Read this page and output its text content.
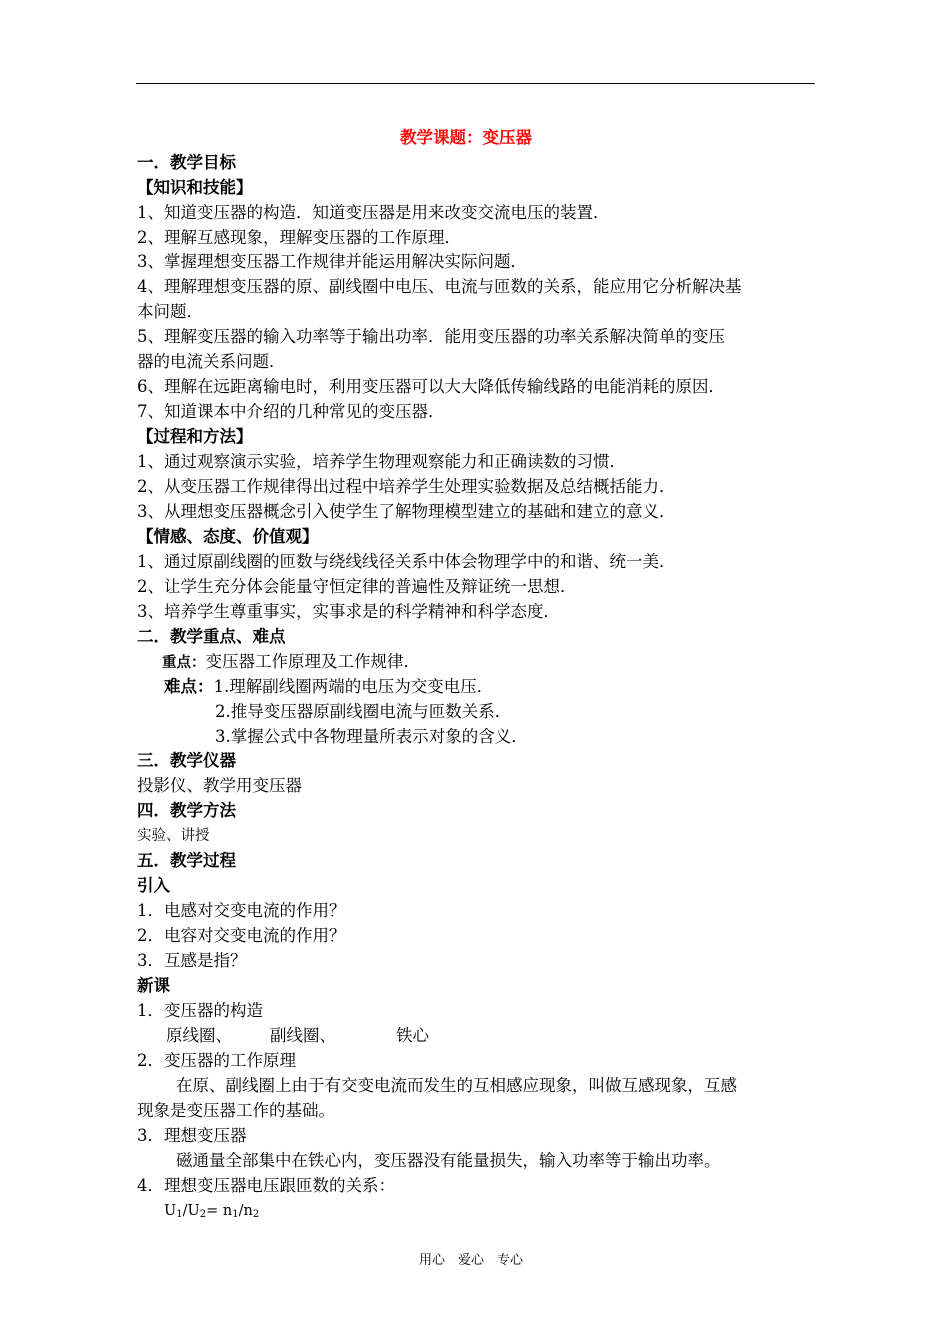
教学课题：变压器
一．教学目标
【知识和技能】
1、知道变压器的构造．知道变压器是用来改变交流电压的装置．
2、理解互感现象，理解变压器的工作原理．
3、掌握理想变压器工作规律并能运用解决实际问题．
4、理解理想变压器的原、副线圈中电压、电流与匝数的关系，能应用它分析解决基
本问题．
5、理解变压器的输入功率等于输出功率．能用变压器的功率关系解决简单的变压
器的电流关系问题．
6、理解在远距离输电时，利用变压器可以大大降低传输线路的电能消耗的原因．
7、知道课本中介绍的几种常见的变压器．
【过程和方法】
1、通过观察演示实验，培养学生物理观察能力和正确读数的习惯．
2、从变压器工作规律得出过程中培养学生处理实验数据及总结概括能力．
3、从理想变压器概念引入使学生了解物理模型建立的基础和建立的意义．
【情感、态度、价值观】
1、通过原副线圈的匝数与绕线线径关系中体会物理学中的和谐、统一美．
2、让学生充分体会能量守恒定律的普遍性及辩证统一思想．
3、培养学生尊重事实，实事求是的科学精神和科学态度．
二．教学重点、难点
重点：变压器工作原理及工作规律．
难点：1.理解副线圈两端的电压为交变电压．
2.推导变压器原副线圈电流与匝数关系．
3.掌握公式中各物理量所表示对象的含义．
三．教学仪器
投影仪、教学用变压器
四．教学方法
实验、讲授
五．教学过程
引入
1．电感对交变电流的作用？
2．电容对交变电流的作用？
3．互感是指？
新课
1．变压器的构造
原线圈、 副线圈、	铁心
2．变压器的工作原理
在原、副线圈上由于有交变电流而发生的互相感应现象，叫做互感现象，互感
现象是变压器工作的基础。
3．理想变压器
磁通量全部集中在铁心内，变压器没有能量损失，输入功率等于输出功率。
4．理想变压器电压跟匝数的关系：
$U_1/U_2= n_1/n_2$
用心　爱心　专心
